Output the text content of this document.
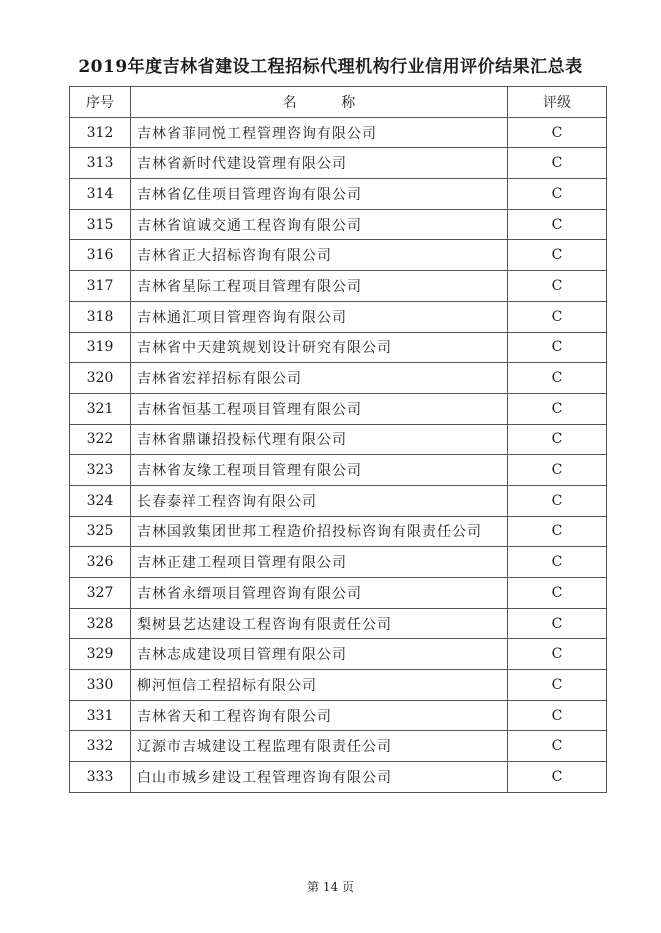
2019年度吉林省建设工程招标代理机构行业信用评价结果汇总表
序号	名 称	评级
312	吉林省菲同悦工程管理咨询有限公司	C
313	吉林省新时代建设管理有限公司	C
314	吉林省亿佳项目管理咨询有限公司	C
315	吉林省谊诚交通工程咨询有限公司	C
316	吉林省正大招标咨询有限公司	C
317	吉林省星际工程项目管理有限公司	C
318	吉林通汇项目管理咨询有限公司	C
319	吉林省中天建筑规划设计研究有限公司	C
320	吉林省宏祥招标有限公司	C
321	吉林省恒基工程项目管理有限公司	C
322	吉林省鼎谦招投标代理有限公司	C
323	吉林省友缘工程项目管理有限公司	C
324	长春泰祥工程咨询有限公司	C
325	吉林国敦集团世邦工程造价招投标咨询有限责任公司	C
326	吉林正建工程项目管理有限公司	C
327	吉林省永缙项目管理咨询有限公司	C
328	梨树县艺达建设工程咨询有限责任公司	C
329	吉林志成建设项目管理有限公司	C
330	柳河恒信工程招标有限公司	C
331	吉林省天和工程咨询有限公司	C
332	辽源市吉城建设工程监理有限责任公司	C
333	白山市城乡建设工程管理咨询有限公司	C
第 14 页
